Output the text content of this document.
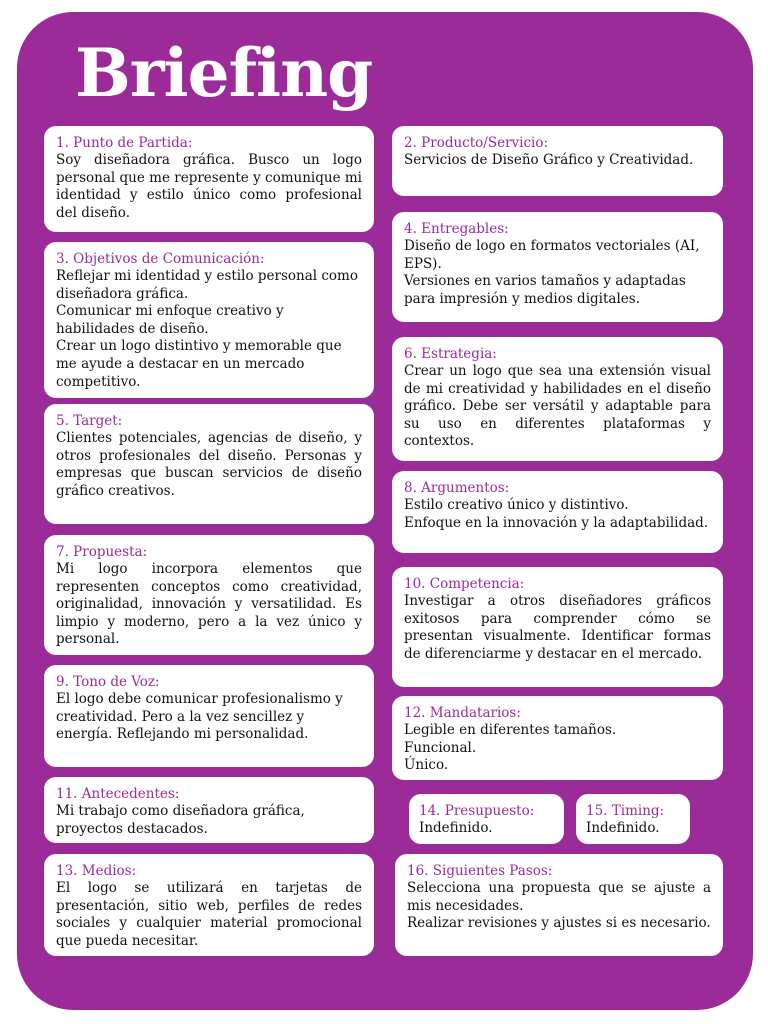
Briefing
1. Punto de Partida:

Soy diseñadora gráfica. Busco un logo personal que me represente y comunique mi identidad y estilo único como profesional del diseño.

3. Objetivos de Comunicación:

Reflejar mi identidad y estilo personal como diseñadora gráfica.

Comunicar mi enfoque creativo y habilidades de diseño.

Crear un logo distintivo y memorable que me ayude a destacar en un mercado competitivo.

5. Target:

Clientes potenciales, agencias de diseño, y otros profesionales del diseño. Personas y empresas que buscan servicios de diseño gráfico creativos.

7. Propuesta:

Mi logo incorpora elementos que representen conceptos como creatividad, originalidad, innovación y versatilidad. Es limpio y moderno, pero a la vez único y personal.

9. Tono de Voz:

El logo debe comunicar profesionalismo y creatividad. Pero a la vez sencillez y energía. Reflejando mi personalidad.

11. Antecedentes:

Mi trabajo como diseñadora gráfica, proyectos destacados.

13. Medios:

El logo se utilizará en tarjetas de presentación, sitio web, perfiles de redes sociales y cualquier material promocional que pueda necesitar.

2. Producto/Servicio:

Servicios de Diseño Gráfico y Creatividad.

4. Entregables:

Diseño de logo en formatos vectoriales (AI, EPS).

Versiones en varios tamaños y adaptadas para impresión y medios digitales.

6. Estrategia:

Crear un logo que sea una extensión visual de mi creatividad y habilidades en el diseño gráfico. Debe ser versátil y adaptable para su uso en diferentes plataformas y contextos.

8. Argumentos:

Estilo creativo único y distintivo.

Enfoque en la innovación y la adaptabilidad.

10. Competencia:

Investigar a otros diseñadores gráficos exitosos para comprender cómo se presentan visualmente. Identificar formas de diferenciarme y destacar en el mercado.

12. Mandatarios:

Legible en diferentes tamaños.

Funcional.

Único.

14. Presupuesto:

Indefinido.

15. Timing:

Indefinido.

16. Siguientes Pasos:

Selecciona una propuesta que se ajuste a mis necesidades.

Realizar revisiones y ajustes si es necesario.
